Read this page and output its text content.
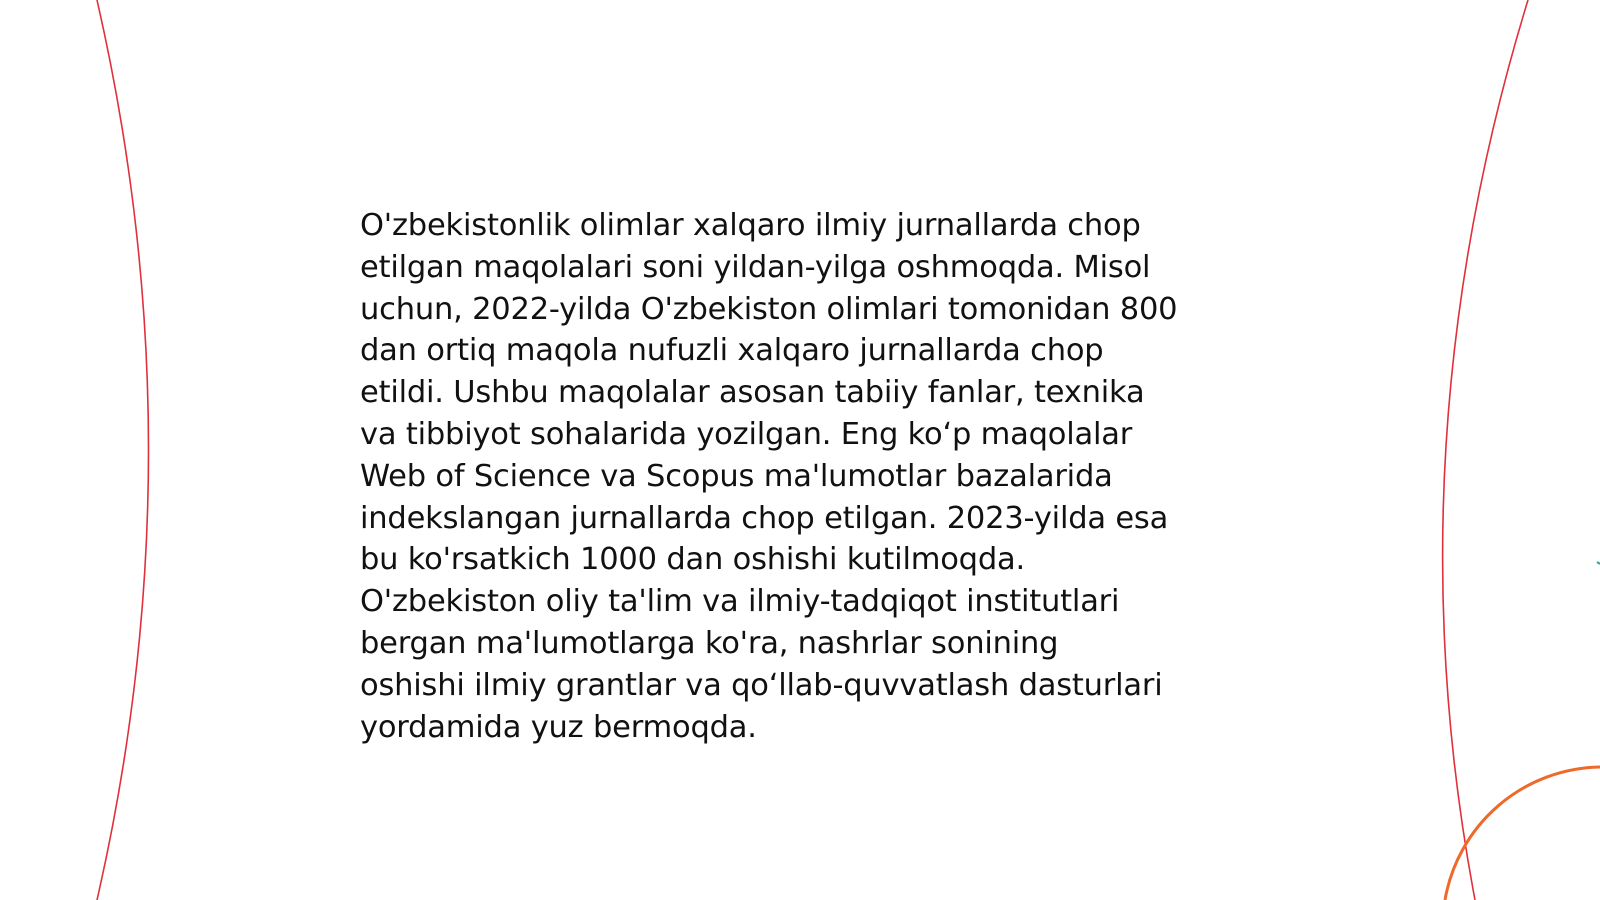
O'zbekistonlik olimlar xalqaro ilmiy jurnallarda chop
etilgan maqolalari soni yildan-yilga oshmoqda. Misol
uchun, 2022-yilda O'zbekiston olimlari tomonidan 800
dan ortiq maqola nufuzli xalqaro jurnallarda chop
etildi. Ushbu maqolalar asosan tabiiy fanlar, texnika
va tibbiyot sohalarida yozilgan. Eng ko‘p maqolalar
Web of Science va Scopus ma'lumotlar bazalarida
indekslangan jurnallarda chop etilgan. 2023-yilda esa
bu ko'rsatkich 1000 dan oshishi kutilmoqda.
O'zbekiston oliy ta'lim va ilmiy-tadqiqot institutlari
bergan ma'lumotlarga ko'ra, nashrlar sonining
oshishi ilmiy grantlar va qo‘llab-quvvatlash dasturlari
yordamida yuz bermoqda.
